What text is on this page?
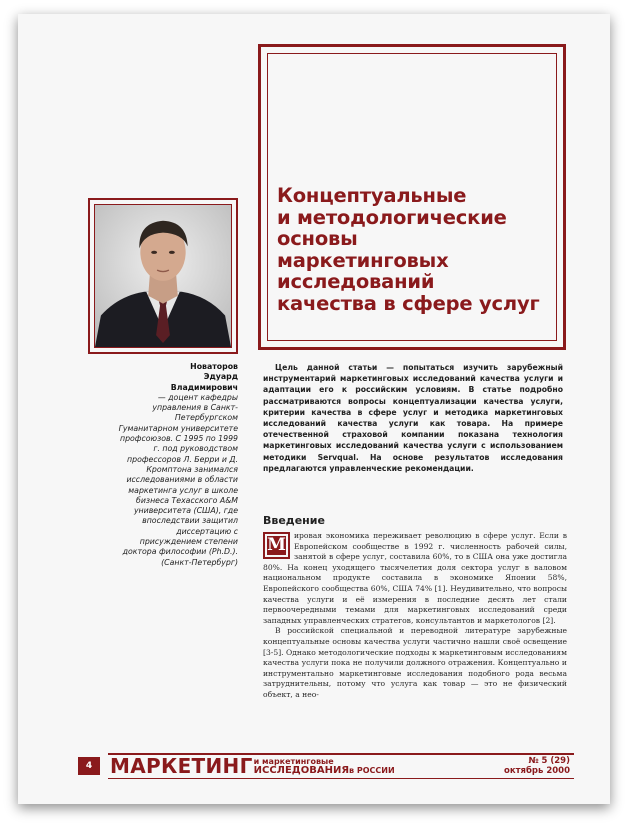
Концептуальные
и методологические
основы
маркетинговых
исследований
качества в сфере услуг
Новаторов
Эдуард
Владимирович
— доцент кафедры управления в Санкт-Петербургском Гуманитарном университете профсоюзов. С 1995 по 1999 г. под руководством профессоров Л. Берри и Д. Кромптона занимался исследованиями в области маркетинга услуг в школе бизнеса Техасского A&M университета (США), где впоследствии защитил диссертацию с присуждением степени доктора философии (Ph.D.). (Санкт-Петербург)

Цель данной статьи — попытаться изучить зарубежный инструментарий маркетинговых исследований качества услуги и адаптации его к российским условиям. В статье подробно рассматриваются вопросы концептуализации качества услуги, критерии качества в сфере услуг и методика маркетинговых исследований качества услуги как товара. На примере отечественной страховой компании показана технология маркетинговых исследований качества услуги с использованием методики Servqual. На основе результатов исследования предлагаются управленческие рекомендации.

Введение

М ировая экономика переживает революцию в сфере услуг. Если в Европейском сообществе в 1992 г. численность рабочей силы, занятой в сфере услуг, составила 60%, то в США она уже достигла 80%. На конец уходящего тысячелетия доля сектора услуг в валовом национальном продукте составила в экономике Японии 58%, Европейского сообщества 60%, США 74% [1]. Неудивительно, что вопросы качества услуги и её измерения в последние десять лет стали первоочередными темами для маркетинговых исследований среди западных управленческих стратегов, консультантов и маркетологов [2].

В российской специальной и переводной литературе зарубежные концептуальные основы качества услуги частично нашли своё освещение [3-5]. Однако методологические подходы к маркетинговым исследованиям качества услуги пока не получили должного отражения. Концептуально и инструментально маркетинговые исследования подобного рода весьма затруднительны, потому что услуга как товар — это не физический объект, а нео-

4 МАРКЕТИНГ и маркетинговые
ИССЛЕДОВАНИЯв РОССИИ
№ 5 (29)
октябрь 2000
